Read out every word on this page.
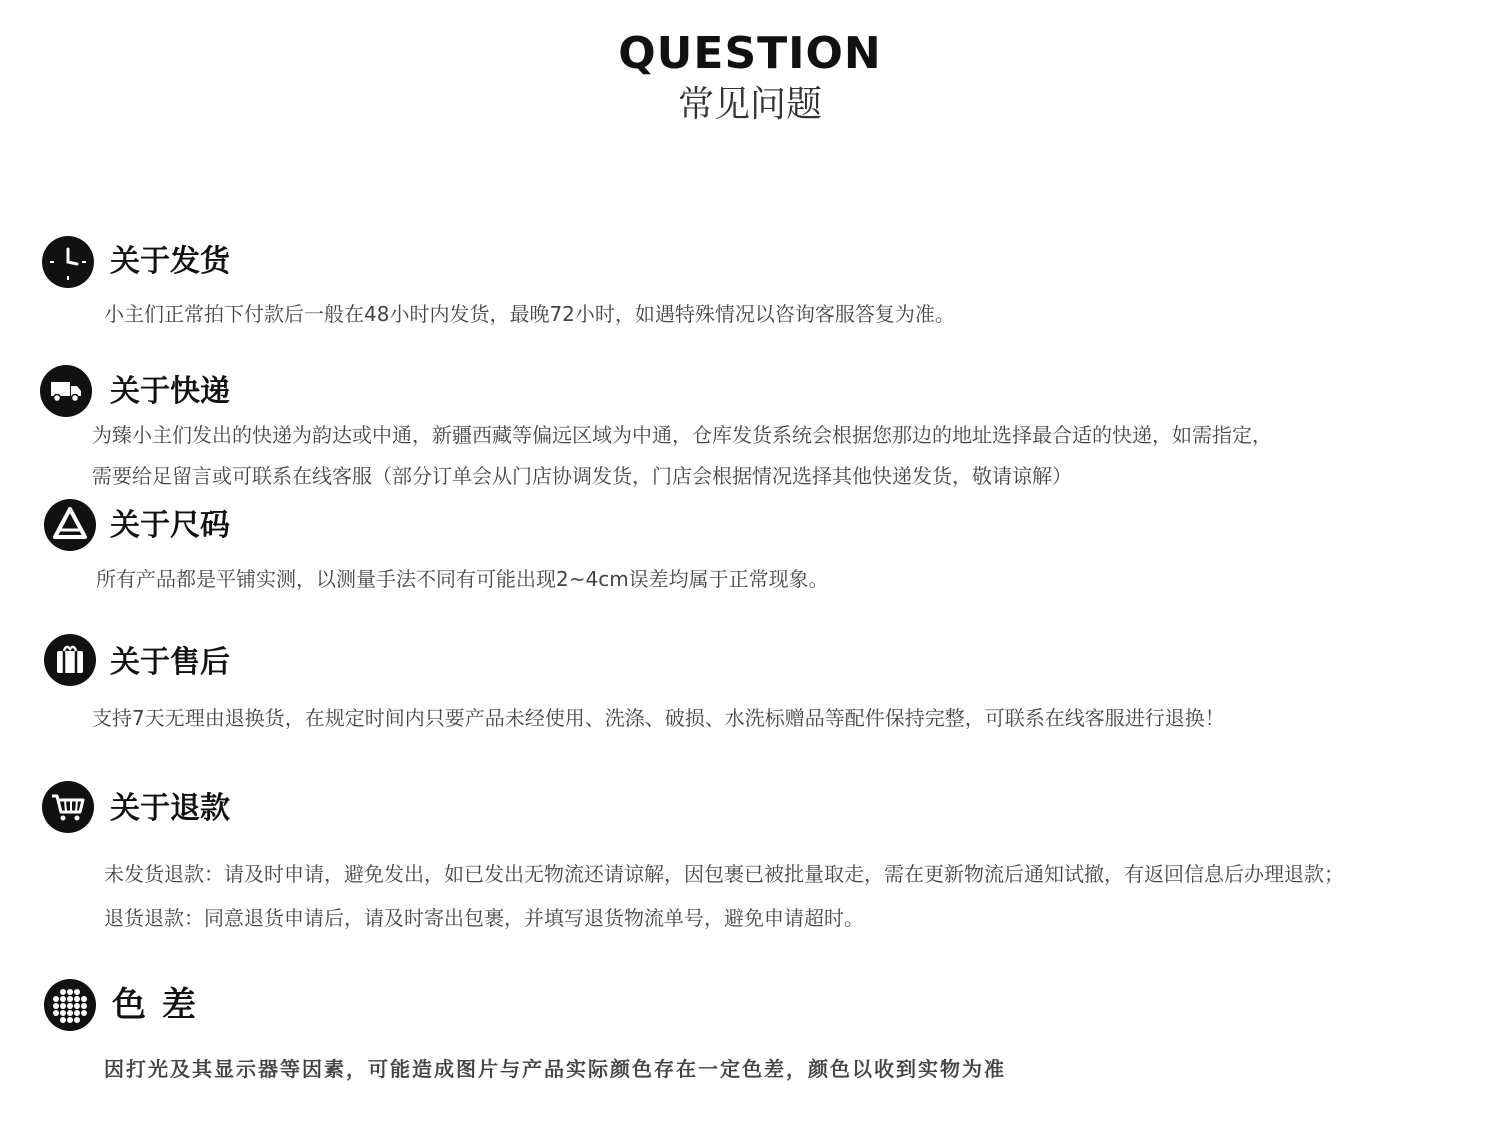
QUESTION
常见问题
关于发货
小主们正常拍下付款后一般在48小时内发货，最晚72小时，如遇特殊情况以咨询客服答复为准。
关于快递
为臻小主们发出的快递为韵达或中通，新疆西藏等偏远区域为中通，仓库发货系统会根据您那边的地址选择最合适的快递，如需指定，
需要给足留言或可联系在线客服（部分订单会从门店协调发货，门店会根据情况选择其他快递发货，敬请谅解）
关于尺码
所有产品都是平铺实测，以测量手法不同有可能出现2~4cm误差均属于正常现象。
关于售后
支持7天无理由退换货，在规定时间内只要产品未经使用、洗涤、破损、水洗标赠品等配件保持完整，可联系在线客服进行退换！
关于退款
未发货退款：请及时申请，避免发出，如已发出无物流还请谅解，因包裹已被批量取走，需在更新物流后通知试撤，有返回信息后办理退款；
退货退款：同意退货申请后，请及时寄出包裹，并填写退货物流单号，避免申请超时。
色 差
因打光及其显示器等因素，可能造成图片与产品实际颜色存在一定色差，颜色以收到实物为准
